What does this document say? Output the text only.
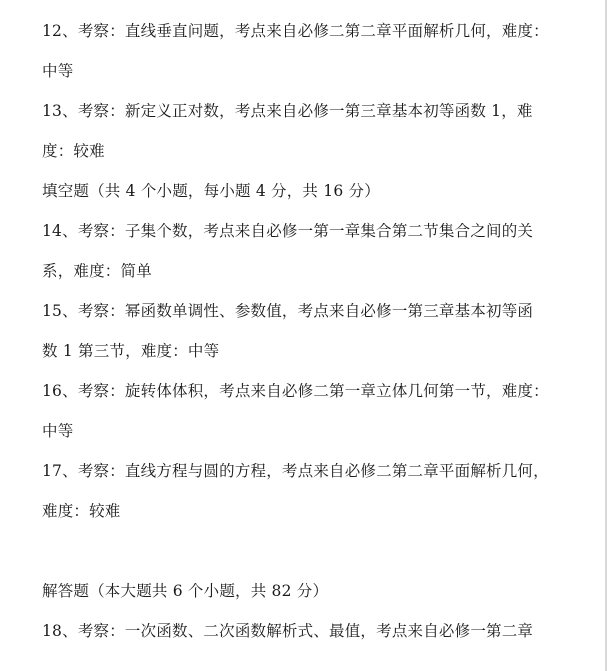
12、考察：直线垂直问题，考点来自必修二第二章平面解析几何，难度：
中等
13、考察：新定义正对数，考点来自必修一第三章基本初等函数 1，难
度：较难
填空题（共 4 个小题，每小题 4 分，共 16 分）
14、考察：子集个数，考点来自必修一第一章集合第二节集合之间的关
系，难度：简单
15、考察：幂函数单调性、参数值，考点来自必修一第三章基本初等函
数 1 第三节，难度：中等
16、考察：旋转体体积，考点来自必修二第一章立体几何第一节，难度：
中等
17、考察：直线方程与圆的方程，考点来自必修二第二章平面解析几何，
难度：较难
解答题（本大题共 6 个小题，共 82 分）
18、考察：一次函数、二次函数解析式、最值，考点来自必修一第二章
